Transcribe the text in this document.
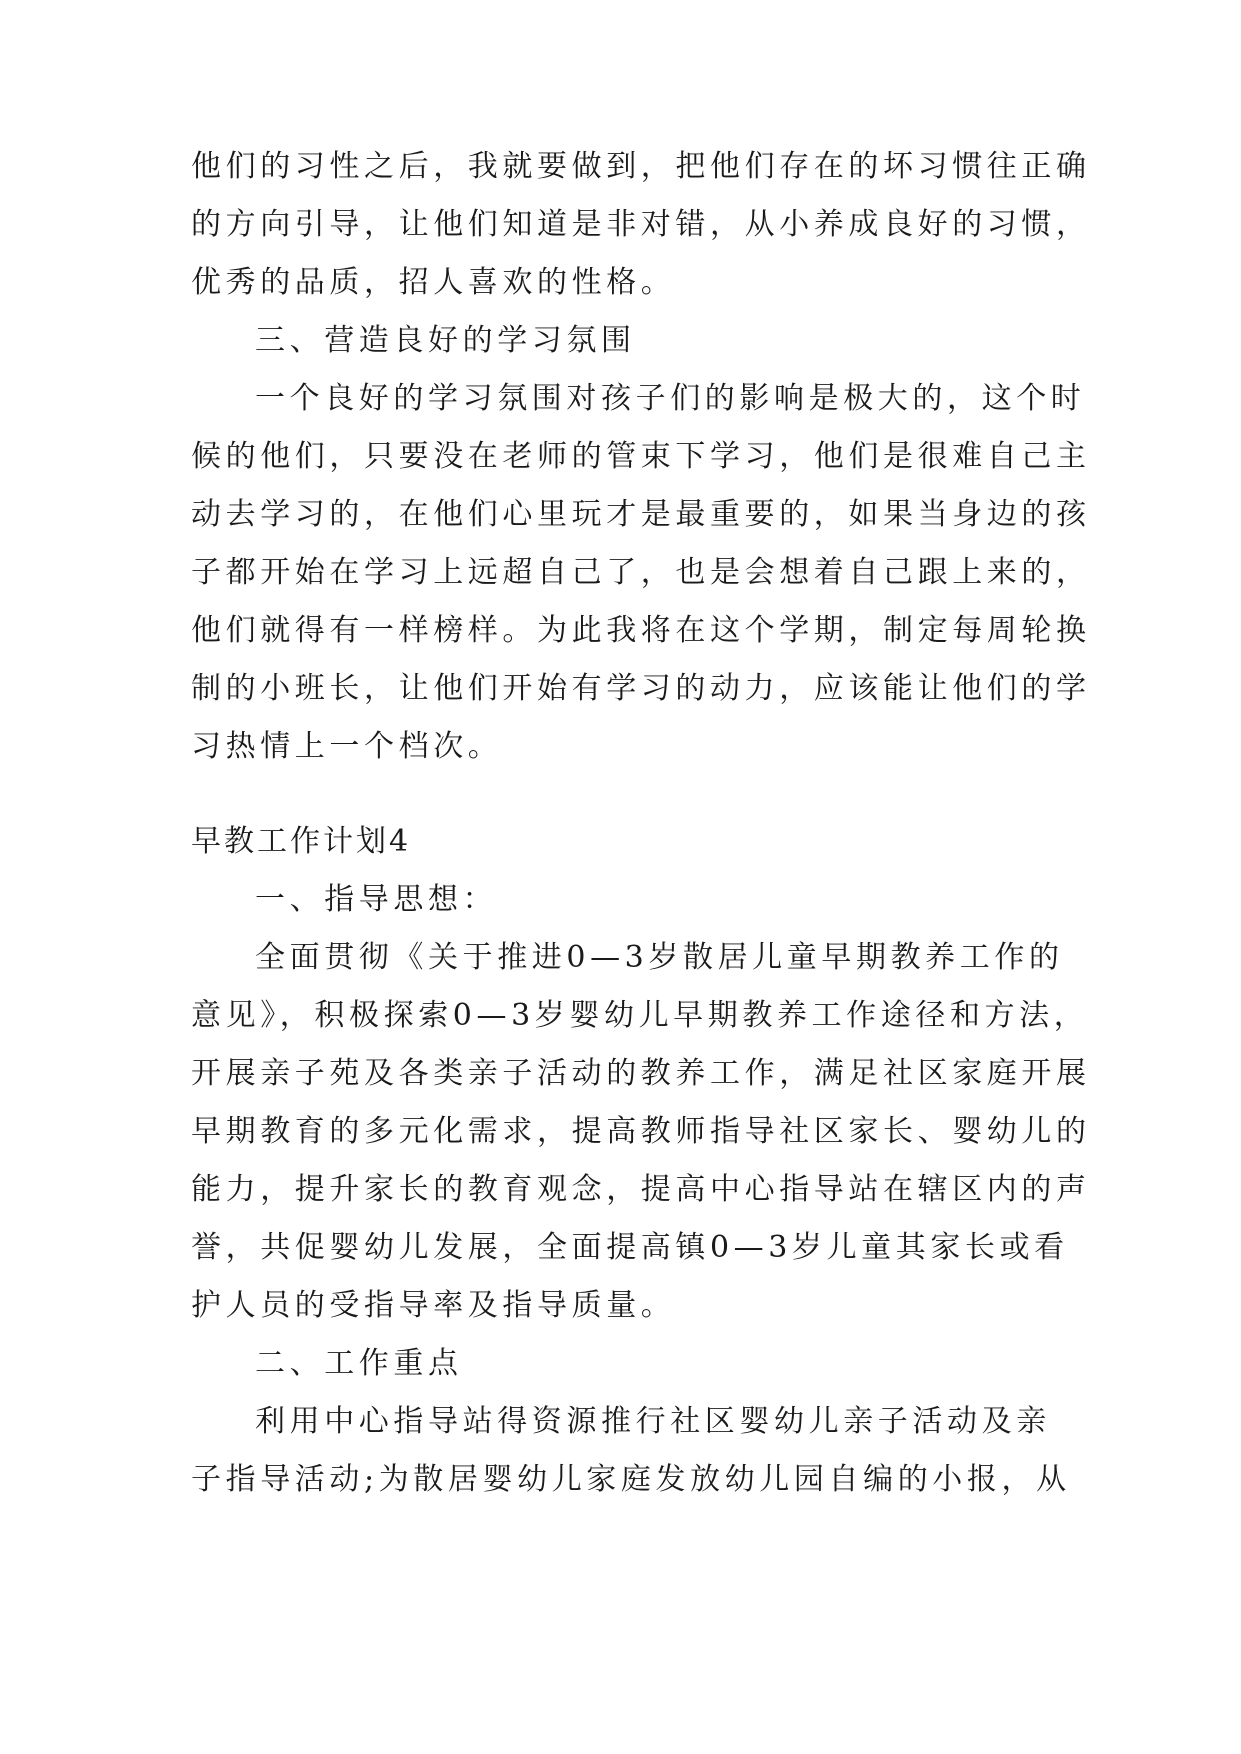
他们的习性之后，我就要做到，把他们存在的坏习惯往正确
的方向引导，让他们知道是非对错，从小养成良好的习惯，
优秀的品质，招人喜欢的性格。
三、营造良好的学习氛围
一个良好的学习氛围对孩子们的影响是极大的，这个时
候的他们，只要没在老师的管束下学习，他们是很难自己主
动去学习的，在他们心里玩才是最重要的，如果当身边的孩
子都开始在学习上远超自己了，也是会想着自己跟上来的，
他们就得有一样榜样。为此我将在这个学期，制定每周轮换
制的小班长，让他们开始有学习的动力，应该能让他们的学
习热情上一个档次。
早教工作计划4
一、指导思想：
全面贯彻《关于推进0—3岁散居儿童早期教养工作的
意见》，积极探索0—3岁婴幼儿早期教养工作途径和方法，
开展亲子苑及各类亲子活动的教养工作，满足社区家庭开展
早期教育的多元化需求，提高教师指导社区家长、婴幼儿的
能力，提升家长的教育观念，提高中心指导站在辖区内的声
誉，共促婴幼儿发展，全面提高镇0—3岁儿童其家长或看
护人员的受指导率及指导质量。
二、工作重点
利用中心指导站得资源推行社区婴幼儿亲子活动及亲
子指导活动;为散居婴幼儿家庭发放幼儿园自编的小报，从
